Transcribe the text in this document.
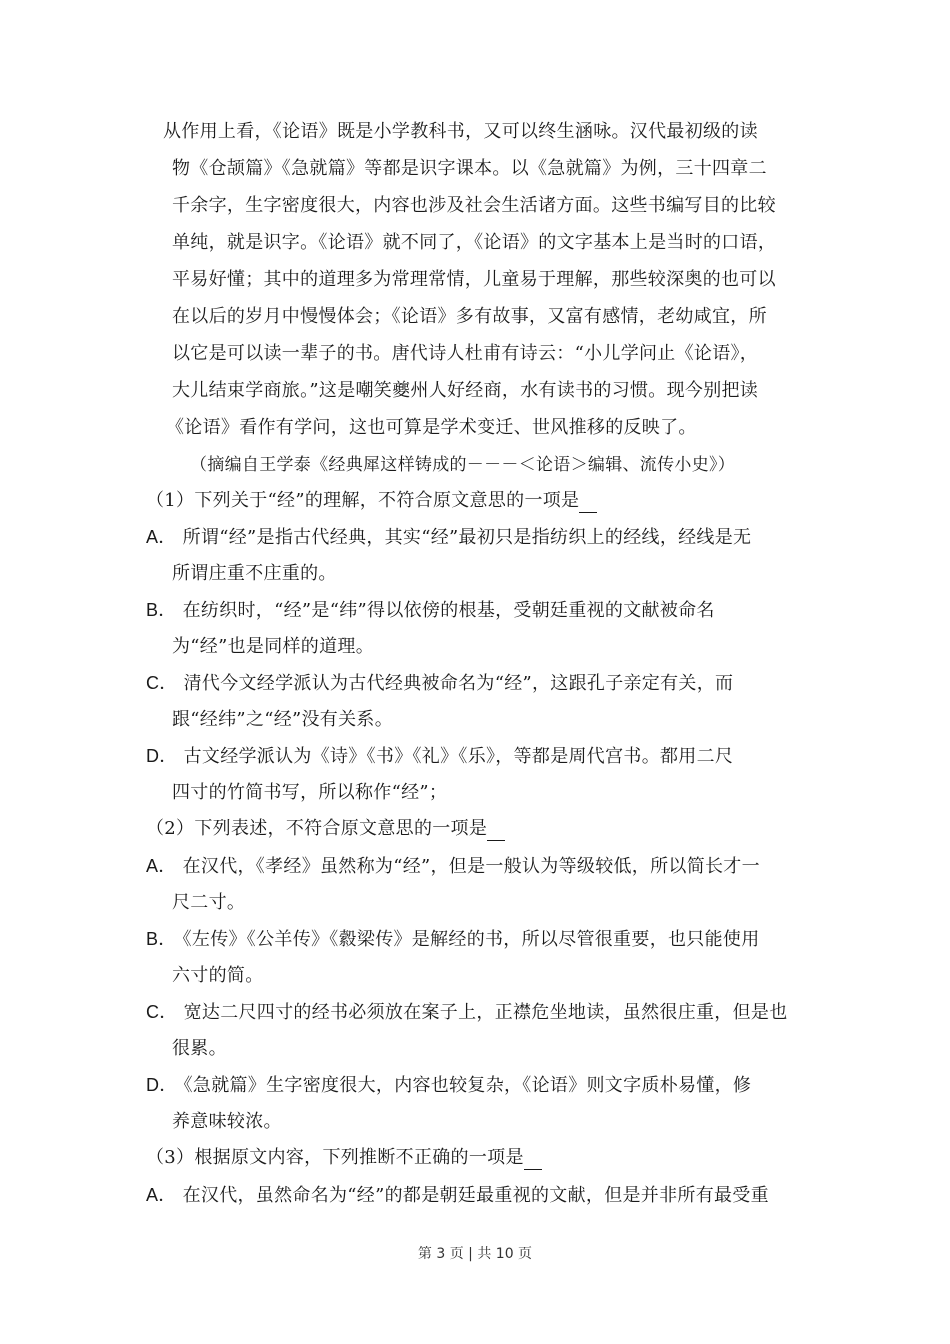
从作用上看，《论语》既是小学教科书，又可以终生涵咏。汉代最初级的读
物《仓颉篇》《急就篇》等都是识字课本。以《急就篇》为例，三十四章二
千余字，生字密度很大，内容也涉及社会生活诸方面。这些书编写目的比较
单纯，就是识字。《论语》就不同了，《论语》的文字基本上是当时的口语，
平易好懂；其中的道理多为常理常情，儿童易于理解，那些较深奥的也可以
在以后的岁月中慢慢体会；《论语》多有故事，又富有感情，老幼咸宜，所
以它是可以读一辈子的书。唐代诗人杜甫有诗云：“小儿学问止《论语》，
大儿结束学商旅。”这是嘲笑夔州人好经商，水有读书的习惯。现今别把读
《论语》看作有学问，这也可算是学术变迁、世风推移的反映了。
（摘编自王学泰《经典犀这样铸成的－－－＜论语＞编辑、流传小史》）
（1）下列关于“经”的理解，不符合原文意思的一项是
A． 所谓“经”是指古代经典，其实“经”最初只是指纺织上的经线，经线是无
所谓庄重不庄重的。
B． 在纺织时，“经”是“纬”得以依傍的根基，受朝廷重视的文献被命名
为“经”也是同样的道理。
C． 清代今文经学派认为古代经典被命名为“经”，这跟孔子亲定有关，而
跟“经纬”之“经”没有关系。
D． 古文经学派认为《诗》《书》《礼》《乐》，等都是周代宫书。都用二尺
四寸的竹简书写，所以称作“经”；
（2）下列表述，不符合原文意思的一项是
A． 在汉代，《孝经》虽然称为“经”，但是一般认为等级较低，所以简长才一
尺二寸。
B． 《左传》《公羊传》《縠梁传》是解经的书，所以尽管很重要，也只能使用
六寸的简。
C． 宽达二尺四寸的经书必须放在案子上，正襟危坐地读，虽然很庄重，但是也
很累。
D． 《急就篇》生字密度很大，内容也较复杂，《论语》则文字质朴易懂，修
养意味较浓。
（3）根据原文内容，下列推断不正确的一项是
A． 在汉代，虽然命名为“经”的都是朝廷最重视的文献，但是并非所有最受重
第 3 页 | 共 10 页
